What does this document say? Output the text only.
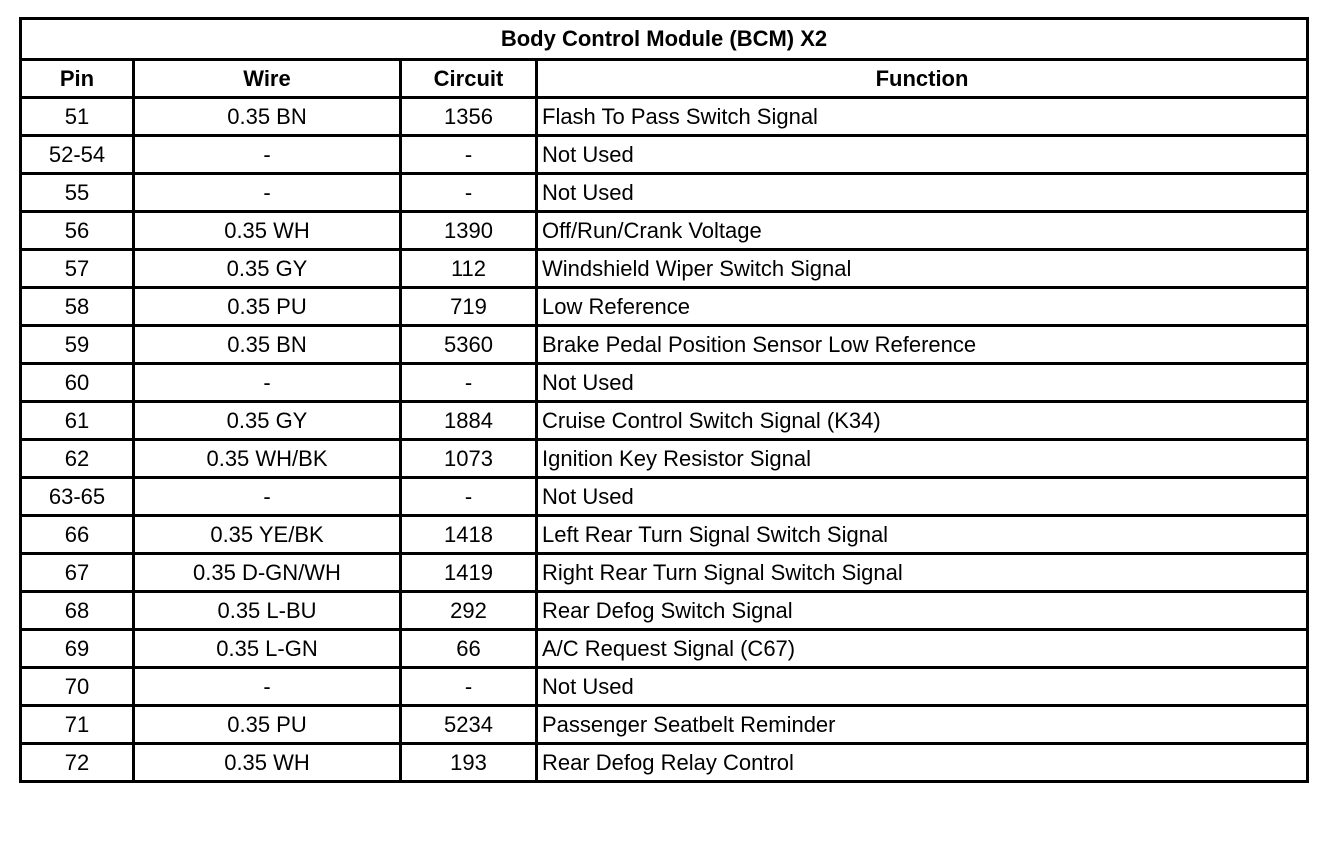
Body Control Module (BCM) X2			
Pin	Wire	Circuit	Function
51	0.35 BN	1356	Flash To Pass Switch Signal
52-54	-	-	Not Used
55	-	-	Not Used
56	0.35 WH	1390	Off/Run/Crank Voltage
57	0.35 GY	112	Windshield Wiper Switch Signal
58	0.35 PU	719	Low Reference
59	0.35 BN	5360	Brake Pedal Position Sensor Low Reference
60	-	-	Not Used
61	0.35 GY	1884	Cruise Control Switch Signal (K34)
62	0.35 WH/BK	1073	Ignition Key Resistor Signal
63-65	-	-	Not Used
66	0.35 YE/BK	1418	Left Rear Turn Signal Switch Signal
67	0.35 D-GN/WH	1419	Right Rear Turn Signal Switch Signal
68	0.35 L-BU	292	Rear Defog Switch Signal
69	0.35 L-GN	66	A/C Request Signal (C67)
70	-	-	Not Used
71	0.35 PU	5234	Passenger Seatbelt Reminder
72	0.35 WH	193	Rear Defog Relay Control
